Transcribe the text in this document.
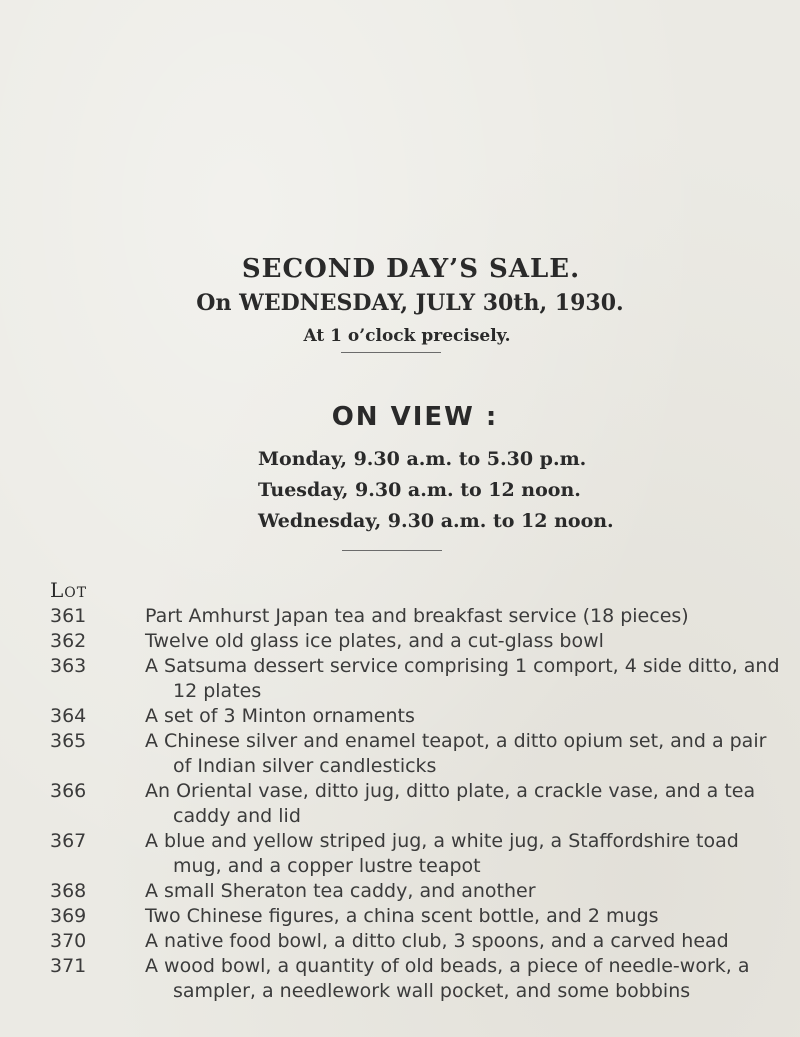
SECOND DAY’S SALE.

On WEDNESDAY, JULY 30th, 1930.

At 1 o’clock precisely.

ON VIEW :
Monday, 9.30 a.m. to 5.30 p.m.
Tuesday, 9.30 a.m. to 12 noon.
Wednesday, 9.30 a.m. to 12 noon.
Lot
361	Part Amhurst Japan tea and breakfast service (18 pieces)
362	Twelve old glass ice plates, and a cut-glass bowl
363	A Satsuma dessert service comprising 1 comport, 4 side ditto, and 12 plates
364	A set of 3 Minton ornaments
365	A Chinese silver and enamel teapot, a ditto opium set, and a pair of Indian silver candlesticks
366	An Oriental vase, ditto jug, ditto plate, a crackle vase, and a tea caddy and lid
367	A blue and yellow striped jug, a white jug, a Staffordshire toad mug, and a copper lustre teapot
368	A small Sheraton tea caddy, and another
369	Two Chinese figures, a china scent bottle, and 2 mugs
370	A native food bowl, a ditto club, 3 spoons, and a carved head
371	A wood bowl, a quantity of old beads, a piece of needle-work, a sampler, a needlework wall pocket, and some bobbins
